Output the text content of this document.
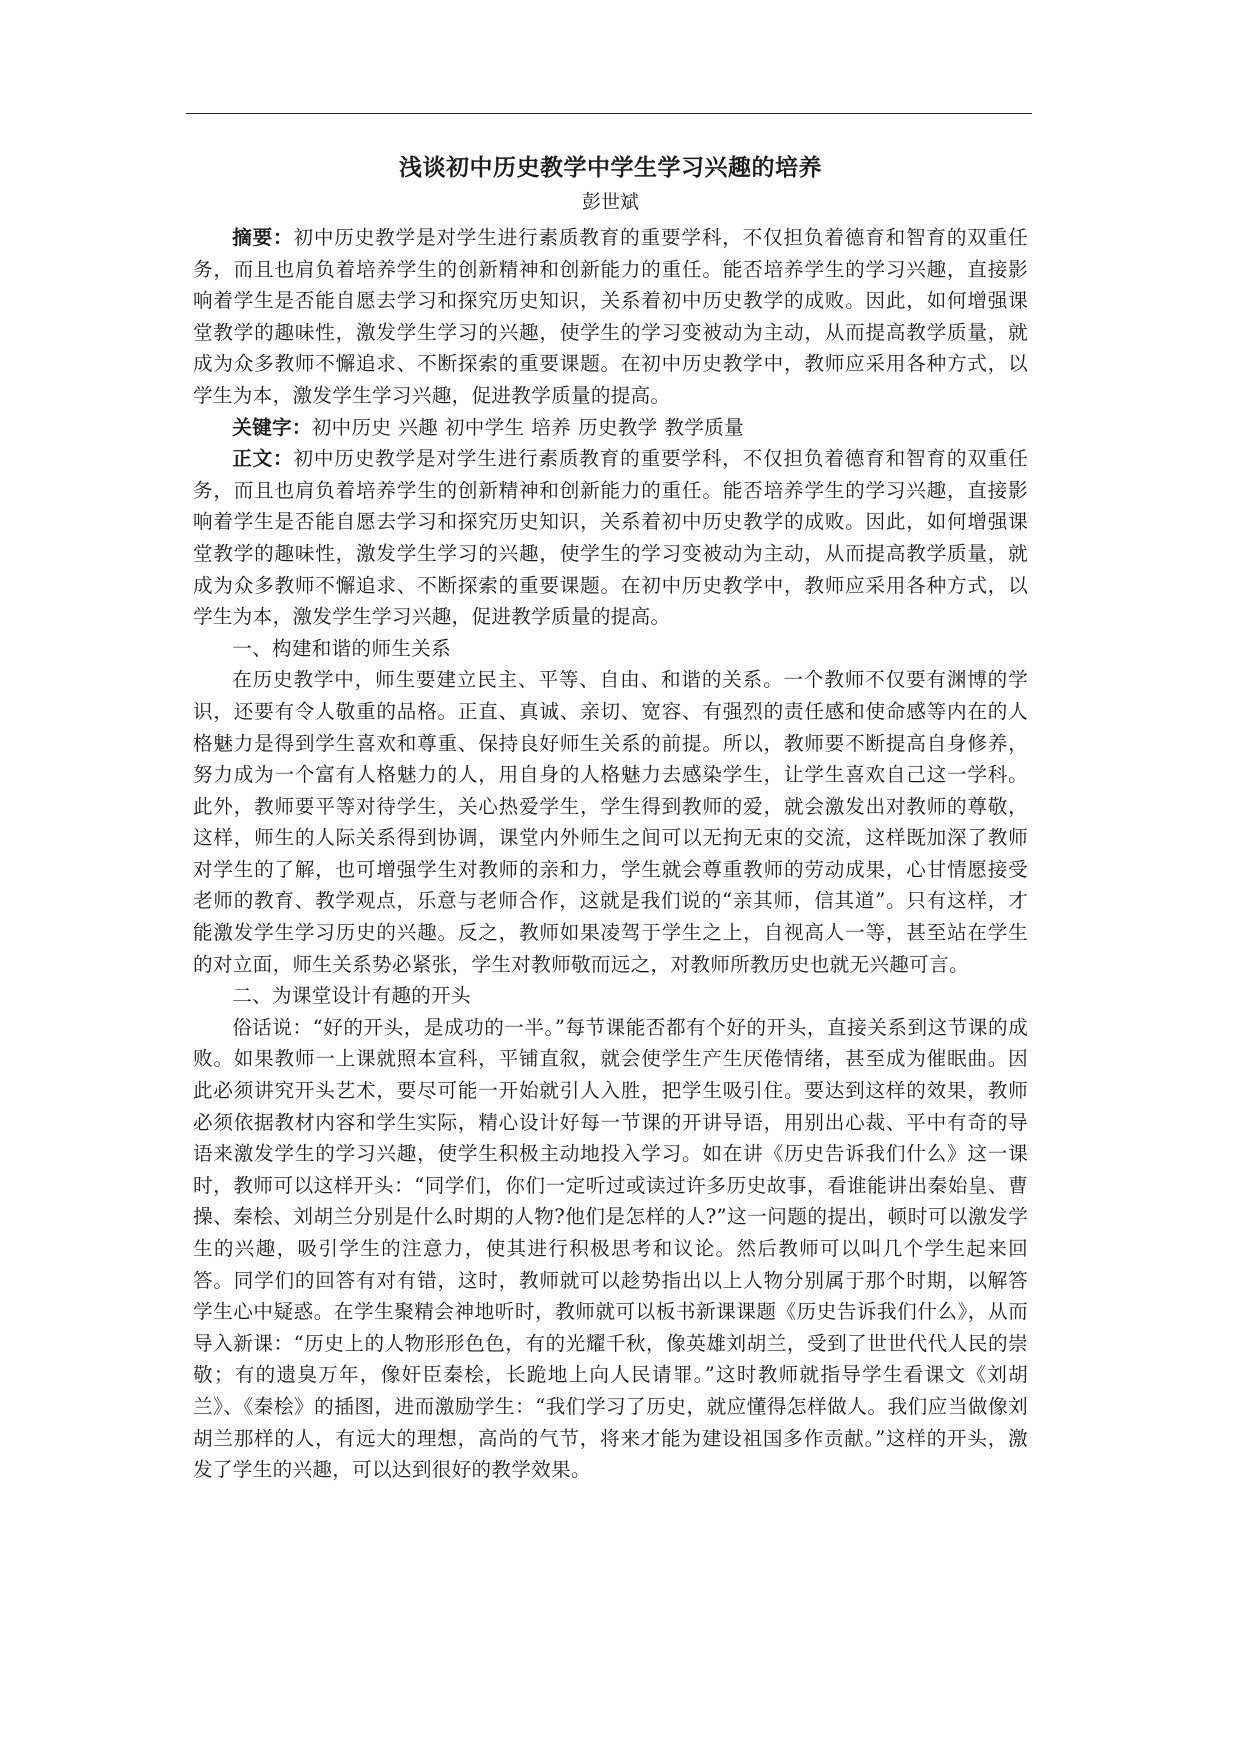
浅谈初中历史教学中学生学习兴趣的培养

彭世斌

摘要：初中历史教学是对学生进行素质教育的重要学科，不仅担负着德育和智育的双重任务，而且也肩负着培养学生的创新精神和创新能力的重任。能否培养学生的学习兴趣，直接影响着学生是否能自愿去学习和探究历史知识，关系着初中历史教学的成败。因此，如何增强课堂教学的趣味性，激发学生学习的兴趣，使学生的学习变被动为主动，从而提高教学质量，就成为众多教师不懈追求、不断探索的重要课题。在初中历史教学中，教师应采用各种方式，以学生为本，激发学生学习兴趣，促进教学质量的提高。

关键字：初中历史 兴趣 初中学生 培养 历史教学 教学质量

正文：初中历史教学是对学生进行素质教育的重要学科，不仅担负着德育和智育的双重任务，而且也肩负着培养学生的创新精神和创新能力的重任。能否培养学生的学习兴趣，直接影响着学生是否能自愿去学习和探究历史知识，关系着初中历史教学的成败。因此，如何增强课堂教学的趣味性，激发学生学习的兴趣，使学生的学习变被动为主动，从而提高教学质量，就成为众多教师不懈追求、不断探索的重要课题。在初中历史教学中，教师应采用各种方式，以学生为本，激发学生学习兴趣，促进教学质量的提高。

一、构建和谐的师生关系

在历史教学中，师生要建立民主、平等、自由、和谐的关系。一个教师不仅要有渊博的学识，还要有令人敬重的品格。正直、真诚、亲切、宽容、有强烈的责任感和使命感等内在的人格魅力是得到学生喜欢和尊重、保持良好师生关系的前提。所以，教师要不断提高自身修养，努力成为一个富有人格魅力的人，用自身的人格魅力去感染学生，让学生喜欢自己这一学科。此外，教师要平等对待学生，关心热爱学生，学生得到教师的爱，就会激发出对教师的尊敬，这样，师生的人际关系得到协调，课堂内外师生之间可以无拘无束的交流，这样既加深了教师对学生的了解，也可增强学生对教师的亲和力，学生就会尊重教师的劳动成果，心甘情愿接受老师的教育、教学观点，乐意与老师合作，这就是我们说的“亲其师，信其道”。只有这样，才能激发学生学习历史的兴趣。反之，教师如果凌驾于学生之上，自视高人一等，甚至站在学生的对立面，师生关系势必紧张，学生对教师敬而远之，对教师所教历史也就无兴趣可言。

二、为课堂设计有趣的开头

俗话说：“好的开头，是成功的一半。”每节课能否都有个好的开头，直接关系到这节课的成败。如果教师一上课就照本宣科，平铺直叙，就会使学生产生厌倦情绪，甚至成为催眠曲。因此必须讲究开头艺术，要尽可能一开始就引人入胜，把学生吸引住。要达到这样的效果，教师必须依据教材内容和学生实际，精心设计好每一节课的开讲导语，用别出心裁、平中有奇的导语来激发学生的学习兴趣，使学生积极主动地投入学习。如在讲《历史告诉我们什么》这一课时，教师可以这样开头：“同学们，你们一定听过或读过许多历史故事，看谁能讲出秦始皇、曹操、秦桧、刘胡兰分别是什么时期的人物?他们是怎样的人?”这一问题的提出，顿时可以激发学生的兴趣，吸引学生的注意力，使其进行积极思考和议论。然后教师可以叫几个学生起来回答。同学们的回答有对有错，这时，教师就可以趁势指出以上人物分别属于那个时期，以解答学生心中疑惑。在学生聚精会神地听时，教师就可以板书新课课题《历史告诉我们什么》，从而导入新课：“历史上的人物形形色色，有的光耀千秋，像英雄刘胡兰，受到了世世代代人民的崇敬；有的遗臭万年，像奸臣秦桧，长跪地上向人民请罪。”这时教师就指导学生看课文《刘胡兰》、《秦桧》的插图，进而激励学生：“我们学习了历史，就应懂得怎样做人。我们应当做像刘胡兰那样的人，有远大的理想，高尚的气节，将来才能为建设祖国多作贡献。”这样的开头，激发了学生的兴趣，可以达到很好的教学效果。
